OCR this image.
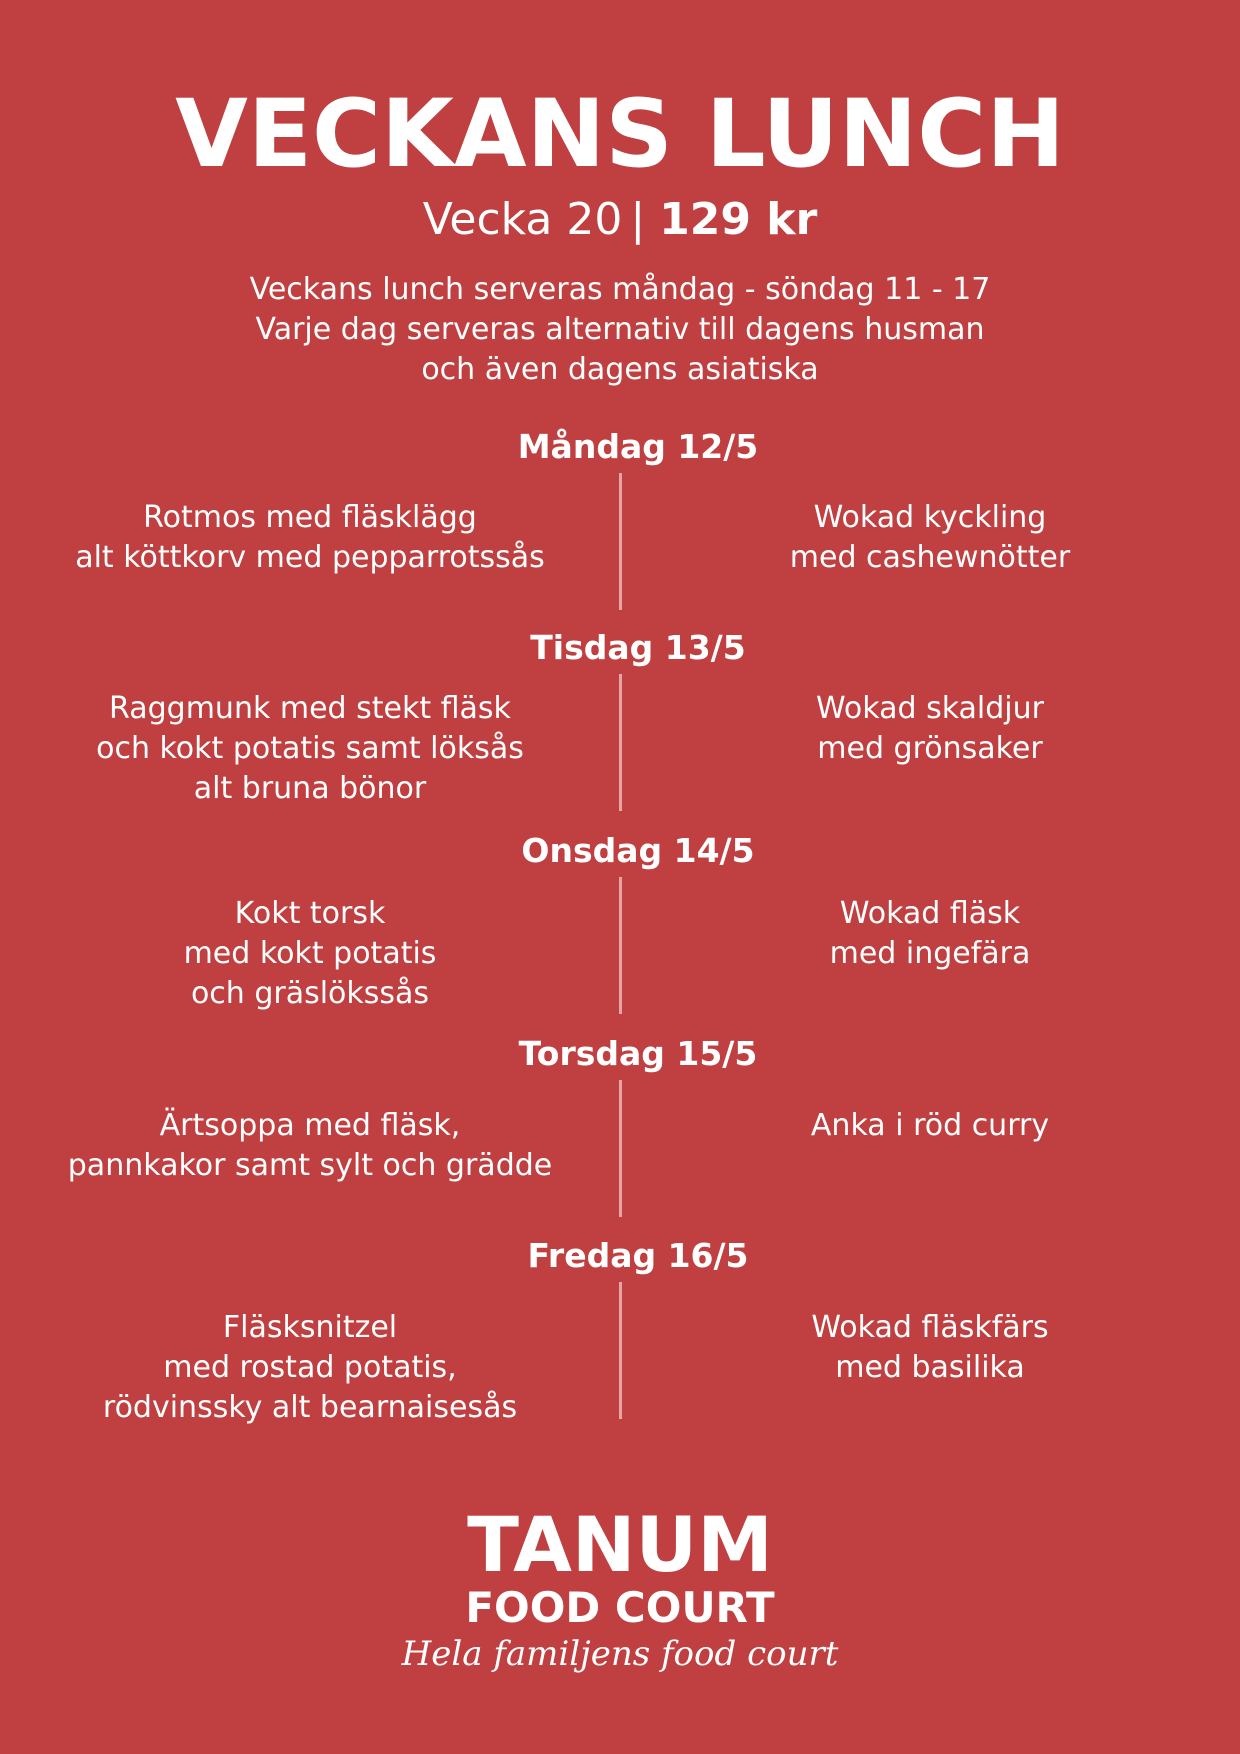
VECKANS LUNCH
Vecka 20 | 129 kr
Veckans lunch serveras måndag - söndag 11 - 17
Varje dag serveras alternativ till dagens husman
och även dagens asiatiska
Måndag 12/5
Rotmos med fläsklägg
alt köttkorv med pepparrotssås
Wokad kyckling
med cashewnötter
Tisdag 13/5
Raggmunk med stekt fläsk
och kokt potatis samt löksås
alt bruna bönor
Wokad skaldjur
med grönsaker
Onsdag 14/5
Kokt torsk
med kokt potatis
och gräslökssås
Wokad fläsk
med ingefära
Torsdag 15/5
Ärtsoppa med fläsk,
pannkakor samt sylt och grädde
Anka i röd curry
Fredag 16/5
Fläsksnitzel
med rostad potatis,
rödvinssky alt bearnaisesås
Wokad fläskfärs
med basilika
TANUM
FOOD COURT
Hela familjens food court
